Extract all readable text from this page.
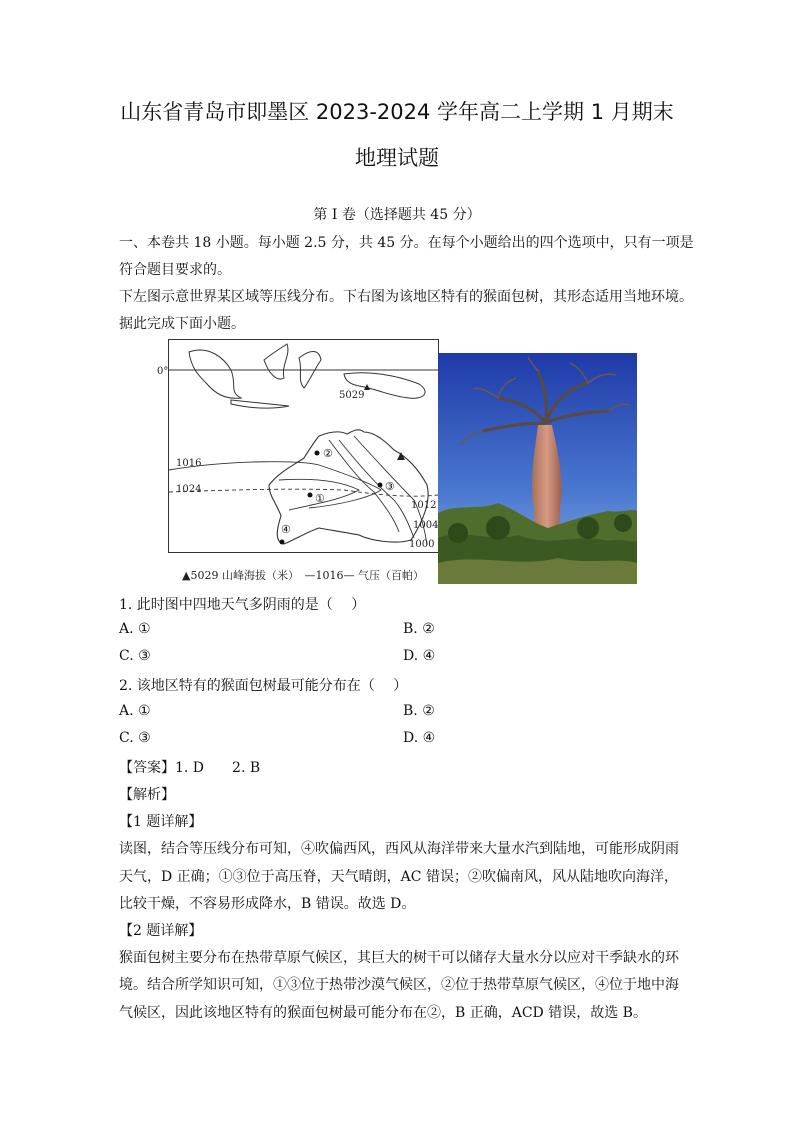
山东省青岛市即墨区 2023-2024 学年高二上学期 1 月期末
地理试题
第 I 卷（选择题共 45 分）
一、本卷共 18 小题。每小题 2.5 分，共 45 分。在每个小题给出的四个选项中，只有一项是
符合题目要求的。
下左图示意世界某区域等压线分布。下右图为该地区特有的猴面包树，其形态适用当地环境。
据此完成下面小题。
0°
5029
1016
1024
1012
1004
1000
①
②
③
④
▲5029 山峰海拔（米）　—1016— 气压（百帕）
1. 此时图中四地天气多阴雨的是（　 ）
A. ①	B. ②
C. ③	D. ④
2. 该地区特有的猴面包树最可能分布在（　 ）
A. ①	B. ②
C. ③	D. ④
【答案】1. D　　2. B
【解析】
【1 题详解】
读图，结合等压线分布可知，④吹偏西风，西风从海洋带来大量水汽到陆地，可能形成阴雨
天气，D 正确；①③位于高压脊，天气晴朗，AC 错误；②吹偏南风，风从陆地吹向海洋，
比较干燥，不容易形成降水，B 错误。故选 D。
【2 题详解】
猴面包树主要分布在热带草原气候区，其巨大的树干可以储存大量水分以应对干季缺水的环
境。结合所学知识可知，①③位于热带沙漠气候区，②位于热带草原气候区，④位于地中海
气候区，因此该地区特有的猴面包树最可能分布在②，B 正确，ACD 错误，故选 B。
